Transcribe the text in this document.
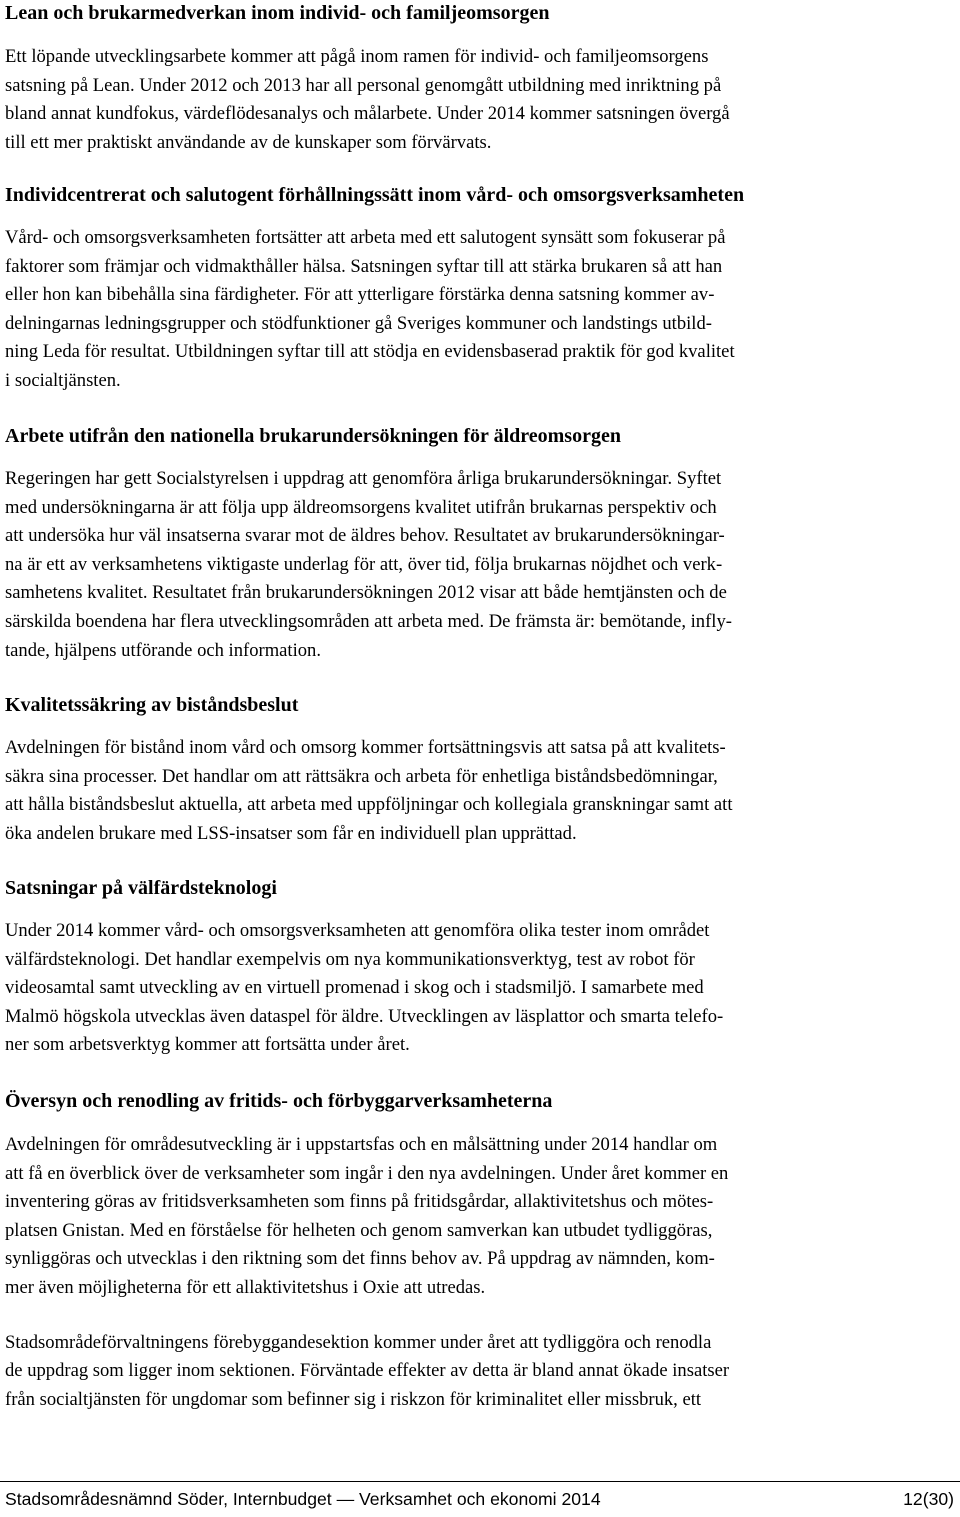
Lean och brukarmedverkan inom individ- och familjeomsorgen

Ett löpande utvecklingsarbete kommer att pågå inom ramen för individ- och familjeomsorgens
satsning på Lean. Under 2012 och 2013 har all personal genomgått utbildning med inriktning på
bland annat kundfokus, värdeflödesanalys och målarbete. Under 2014 kommer satsningen övergå
till ett mer praktiskt användande av de kunskaper som förvärvats.

Individcentrerat och salutogent förhållningssätt inom vård- och omsorgsverksamheten

Vård- och omsorgsverksamheten fortsätter att arbeta med ett salutogent synsätt som fokuserar på
faktorer som främjar och vidmakthåller hälsa. Satsningen syftar till att stärka brukaren så att han
eller hon kan bibehålla sina färdigheter. För att ytterligare förstärka denna satsning kommer av-
delningarnas ledningsgrupper och stödfunktioner gå Sveriges kommuner och landstings utbild-
ning Leda för resultat. Utbildningen syftar till att stödja en evidensbaserad praktik för god kvalitet
i socialtjänsten.

Arbete utifrån den nationella brukarundersökningen för äldreomsorgen

Regeringen har gett Socialstyrelsen i uppdrag att genomföra årliga brukarundersökningar. Syftet
med undersökningarna är att följa upp äldreomsorgens kvalitet utifrån brukarnas perspektiv och
att undersöka hur väl insatserna svarar mot de äldres behov. Resultatet av brukarundersökningar-
na är ett av verksamhetens viktigaste underlag för att, över tid, följa brukarnas nöjdhet och verk-
samhetens kvalitet. Resultatet från brukarundersökningen 2012 visar att både hemtjänsten och de
särskilda boendena har flera utvecklingsområden att arbeta med. De främsta är: bemötande, infly-
tande, hjälpens utförande och information.

Kvalitetssäkring av biståndsbeslut

Avdelningen för bistånd inom vård och omsorg kommer fortsättningsvis att satsa på att kvalitets-
säkra sina processer. Det handlar om att rättsäkra och arbeta för enhetliga biståndsbedömningar,
att hålla biståndsbeslut aktuella, att arbeta med uppföljningar och kollegiala granskningar samt att
öka andelen brukare med LSS-insatser som får en individuell plan upprättad.

Satsningar på välfärdsteknologi

Under 2014 kommer vård- och omsorgsverksamheten att genomföra olika tester inom området
välfärdsteknologi. Det handlar exempelvis om nya kommunikationsverktyg, test av robot för
videosamtal samt utveckling av en virtuell promenad i skog och i stadsmiljö. I samarbete med
Malmö högskola utvecklas även dataspel för äldre. Utvecklingen av läsplattor och smarta telefo-
ner som arbetsverktyg kommer att fortsätta under året.

Översyn och renodling av fritids- och förbyggarverksamheterna

Avdelningen för områdesutveckling är i uppstartsfas och en målsättning under 2014 handlar om
att få en överblick över de verksamheter som ingår i den nya avdelningen. Under året kommer en
inventering göras av fritidsverksamheten som finns på fritidsgårdar, allaktivitetshus och mötes-
platsen Gnistan. Med en förståelse för helheten och genom samverkan kan utbudet tydliggöras,
synliggöras och utvecklas i den riktning som det finns behov av. På uppdrag av nämnden, kom-
mer även möjligheterna för ett allaktivitetshus i Oxie att utredas.

Stadsområdeförvaltningens förebyggandesektion kommer under året att tydliggöra och renodla
de uppdrag som ligger inom sektionen. Förväntade effekter av detta är bland annat ökade insatser
från socialtjänsten för ungdomar som befinner sig i riskzon för kriminalitet eller missbruk, ett

Stadsområdesnämnd Söder, Internbudget — Verksamhet och ekonomi 2014	12(30)
